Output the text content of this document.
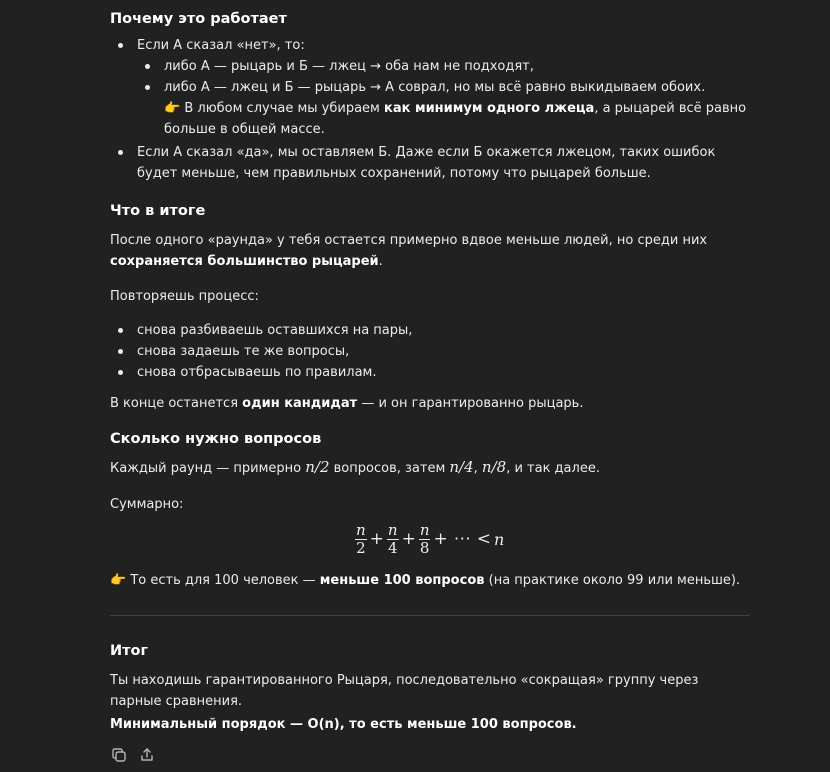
Почему это работает
Если A сказал «нет», то:
либо A — рыцарь и Б — лжец → оба нам не подходят,
либо A — лжец и Б — рыцарь → A соврал, но мы всё равно выкидываем обоих.
👉 В любом случае мы убираем как минимум одного лжеца, а рыцарей всё равно больше в общей массе.
Если A сказал «да», мы оставляем Б. Даже если Б окажется лжецом, таких ошибок будет меньше, чем правильных сохранений, потому что рыцарей больше.
Что в итоге

После одного «раунда» у тебя остается примерно вдвое меньше людей, но среди них сохраняется большинство рыцарей.

Повторяешь процесс:

снова разбиваешь оставшихся на пары,
снова задаешь те же вопросы,
снова отбрасываешь по правилам.

В конце останется один кандидат — и он гарантированно рыцарь.

Сколько нужно вопросов

Каждый раунд — примерно n/2 вопросов, затем n/4, n/8, и так далее.

Суммарно:

$\frac{n}{2} + \frac{n}{4} + \frac{n}{8}$ + ⋯ < n

👉 То есть для 100 человек — меньше 100 вопросов (на практике около 99 или меньше).

Итог

Ты находишь гарантированного Рыцаря, последовательно «сокращая» группу через парные сравнения.

Минимальный порядок — O(n), то есть меньше 100 вопросов.
